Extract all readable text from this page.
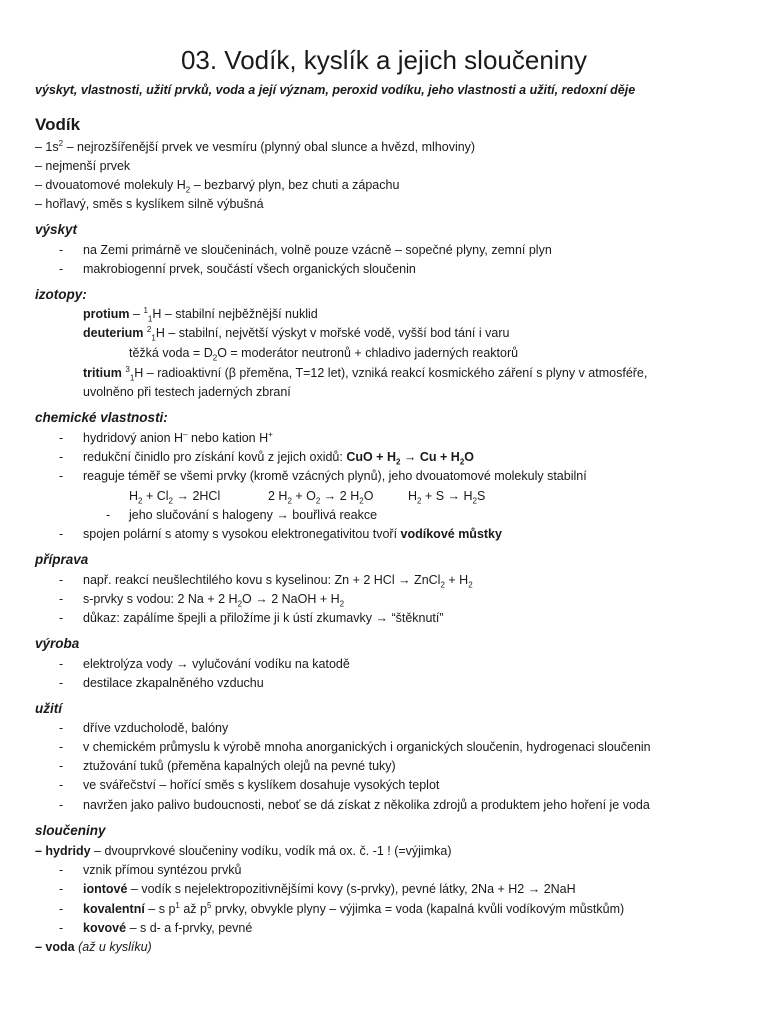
03. Vodík, kyslík a jejich sloučeniny

výskyt, vlastnosti, užití prvků, voda a její význam, peroxid vodíku, jeho vlastnosti a užití, redoxní děje

Vodík

– $1s^2$ – nejrozšířenější prvek ve vesmíru (plynný obal slunce a hvězd, mlhoviny)
– nejmenší prvek
– dvouatomové molekuly $H_2$ – bezbarvý plyn, bez chuti a zápachu
– hořlavý, směs s kyslíkem silně výbušná

výskyt

- na Zemi primárně ve sloučeninách, volně pouze vzácně – sopečné plyny, zemní plyn
- makrobiogenní prvek, součástí všech organických sloučenin

izotopy:

protium – $^1_1$H – stabilní nejběžnější nuklid
deuterium $^2_1$H – stabilní, největší výskyt v mořské vodě, vyšší bod tání i varu
těžká voda = $D_2O$ = moderátor neutronů + chladivo jaderných reaktorů
tritium $^3_1$H – radioaktivní (β přeměna, T=12 let), vzniká reakcí kosmického záření s plyny v atmosféře,
uvolněno při testech jaderných zbraní

chemické vlastnosti:

- hydridový anion H– nebo kation H+
- redukční činidlo pro získání kovů z jejich oxidů: CuO + $H_2 \to Cu + H_2O$
- reaguje téměř se všemi prvky (kromě vzácných plynů), jeho dvouatomové molekuly stabilní
$H_2 + Cl_2 \to 2HCl$	2 $H_2 + O_2 \to 2$ $H_2O$	$H_2 + S \to H_2S$
- jeho slučování s halogeny → bouřlivá reakce
- spojen polární s atomy s vysokou elektronegativitou tvoří vodíkové můstky

příprava

- např. reakcí neušlechtilého kovu s kyselinou: Zn + 2 HCl → ZnCl$_2$ + $H_2$
- s-prvky s vodou: 2 Na + 2 $H_2O \to 2$ NaOH + $H_2$
- důkaz: zapálíme špejli a přiložíme ji k ústí zkumavky → “štěknutí”

výroba

- elektrolýza vody → vylučování vodíku na katodě
- destilace zkapalněného vzduchu

užití

- dříve vzducholodě, balóny
- v chemickém průmyslu k výrobě mnoha anorganických i organických sloučenin, hydrogenaci sloučenin
- ztužování tuků (přeměna kapalných olejů na pevné tuky)
- ve svářečství – hořící směs s kyslíkem dosahuje vysokých teplot
- navržen jako palivo budoucnosti, neboť se dá získat z několika zdrojů a produktem jeho hoření je voda

sloučeniny

– hydridy – dvouprvkové sloučeniny vodíku, vodík má ox. č. -1 ! (=výjimka)
- vznik přímou syntézou prvků
- iontové – vodík s nejelektropozitivnějšími kovy (s-prvky), pevné látky, 2Na + H2 → 2NaH
- kovalentní – s $p^1$ až $p^5$ prvky, obvykle plyny – výjimka = voda (kapalná kvůli vodíkovým můstkům)
- kovové – s d- a f-prvky, pevné
– voda (až u kyslíku)
